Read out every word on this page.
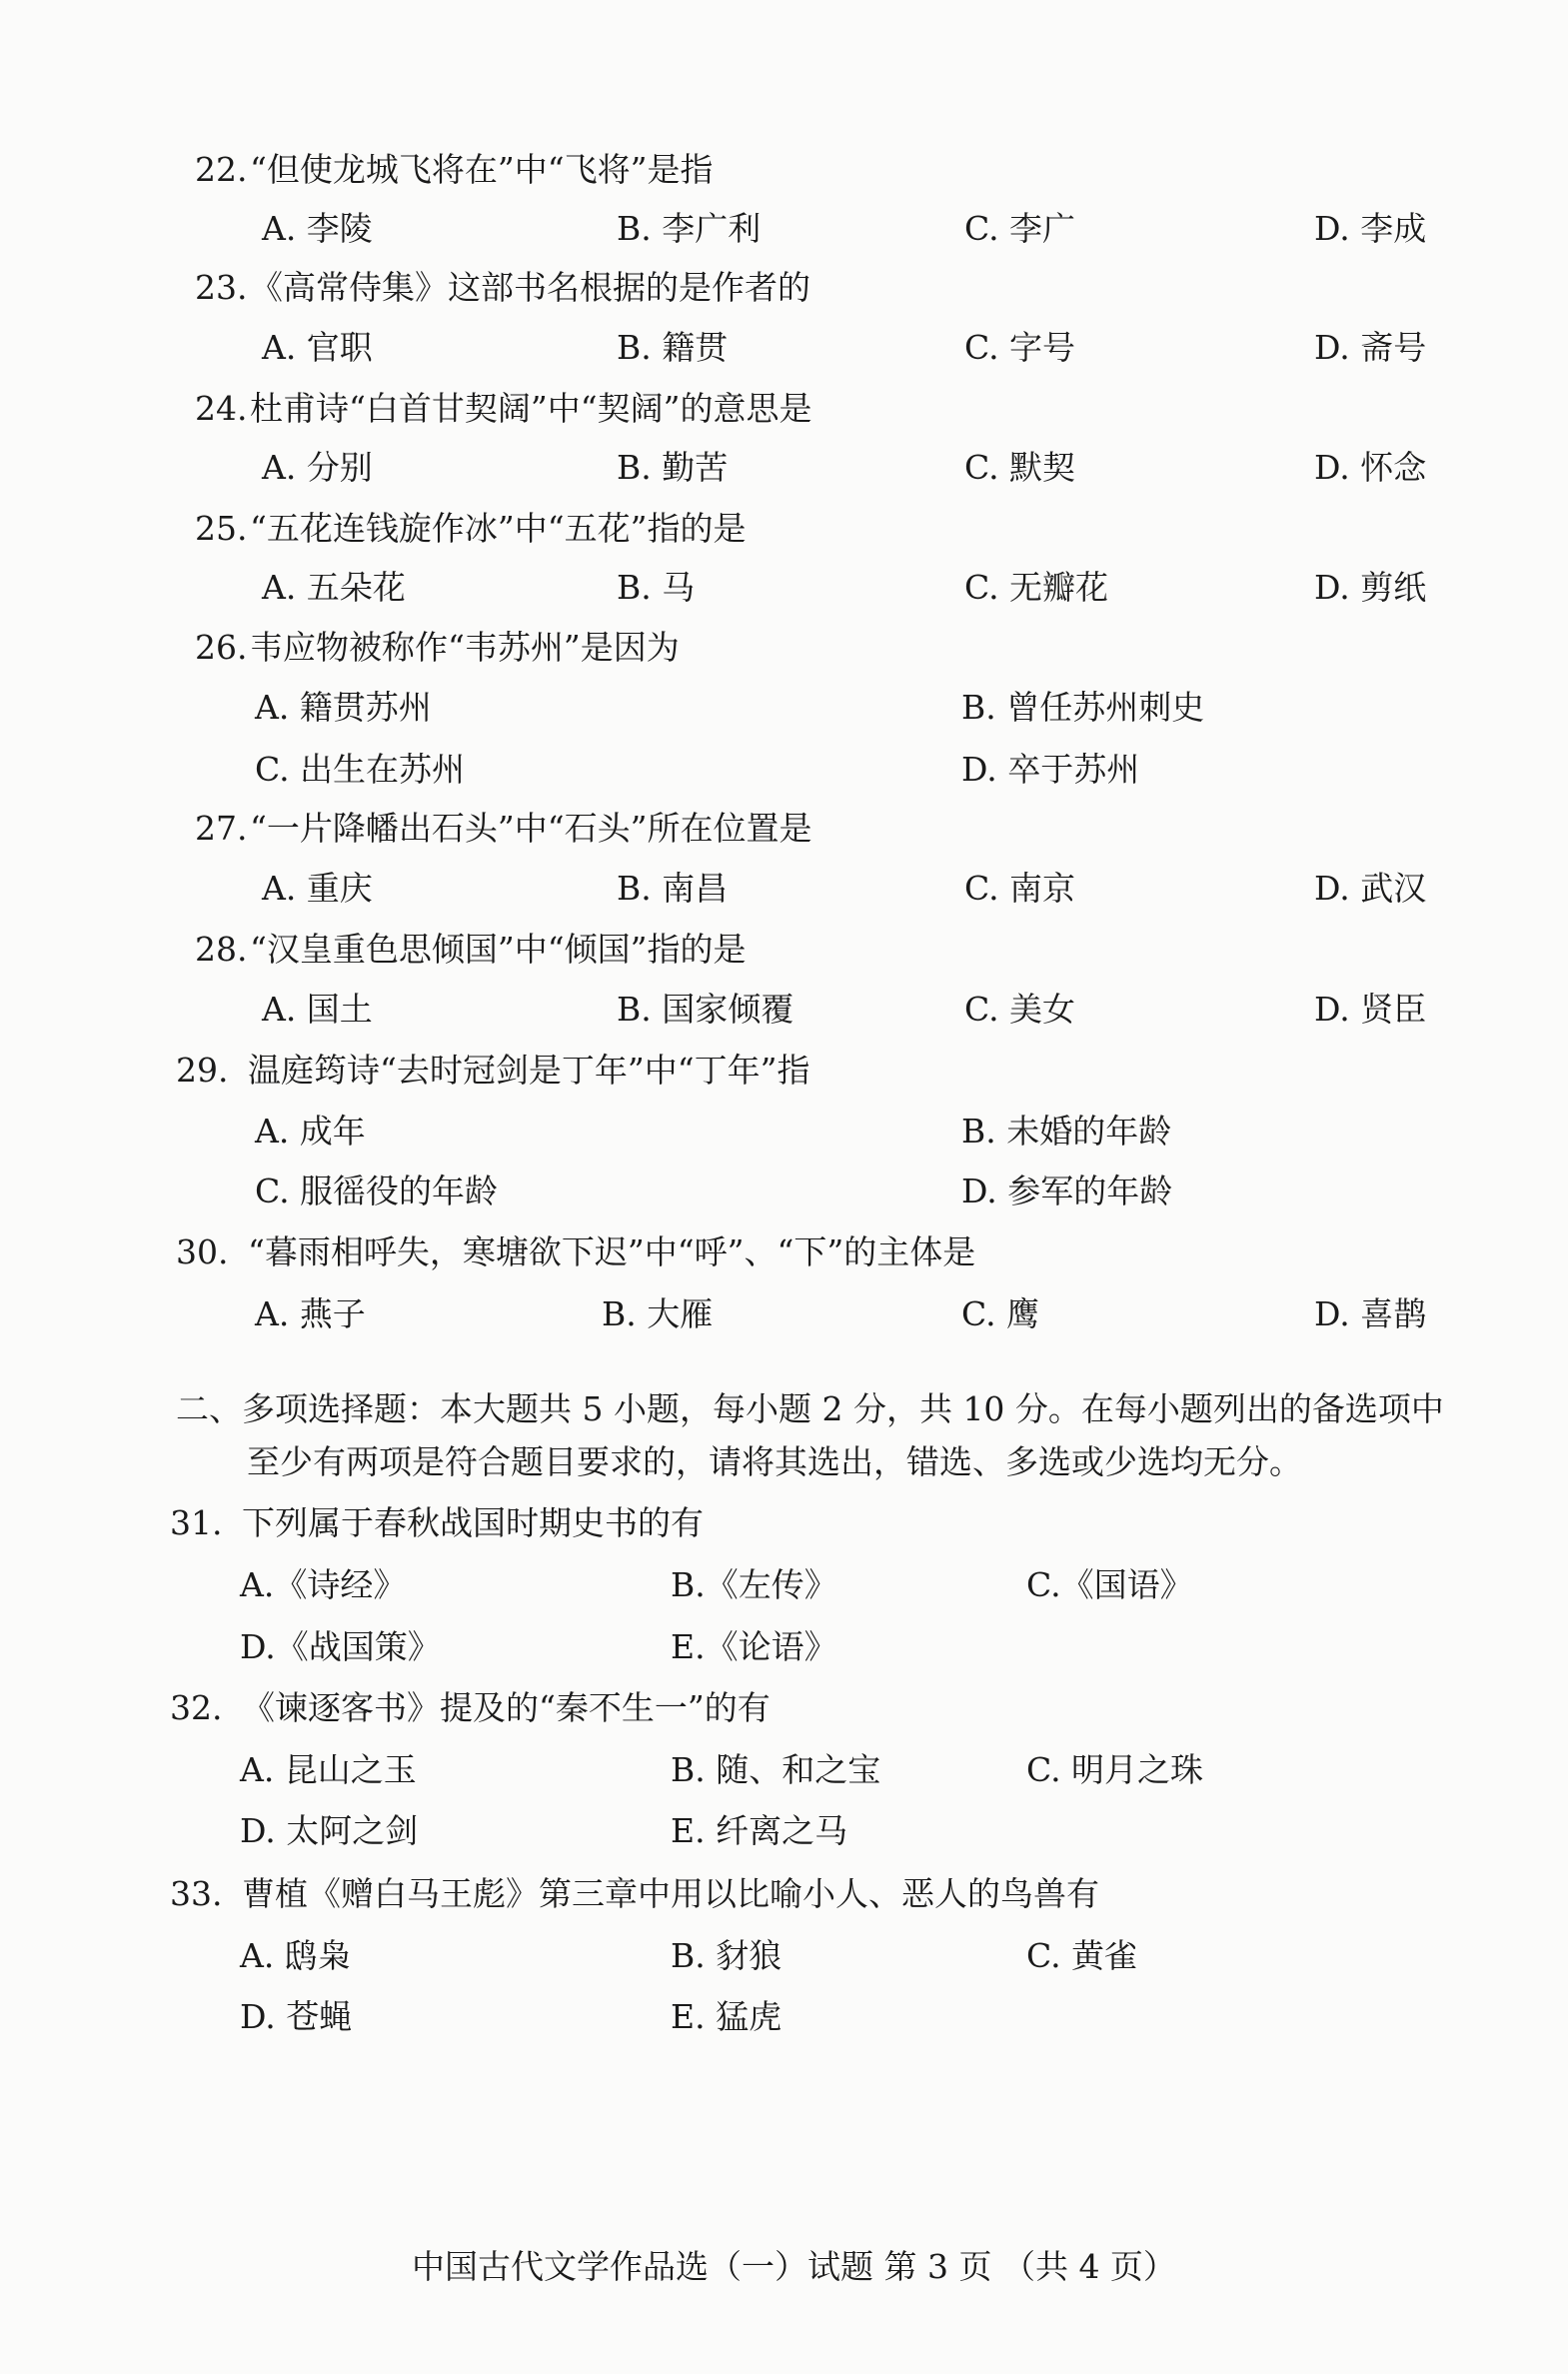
22. “但使龙城飞将在”中“飞将”是指
A. 李陵	B. 李广利	C. 李广	D. 李成
23. 《高常侍集》这部书名根据的是作者的
A. 官职	B. 籍贯	C. 字号	D. 斋号
24. 杜甫诗“白首甘契阔”中“契阔”的意思是
A. 分别	B. 勤苦	C. 默契	D. 怀念
25. “五花连钱旋作冰”中“五花”指的是
A. 五朵花	B. 马	C. 无瓣花	D. 剪纸
26. 韦应物被称作“韦苏州”是因为
A. 籍贯苏州	B. 曾任苏州刺史
C. 出生在苏州	D. 卒于苏州
27. “一片降幡出石头”中“石头”所在位置是
A. 重庆	B. 南昌	C. 南京	D. 武汉
28. “汉皇重色思倾国”中“倾国”指的是
A. 国土	B. 国家倾覆	C. 美女	D. 贤臣
29. 温庭筠诗“去时冠剑是丁年”中“丁年”指
A. 成年	B. 未婚的年龄
C. 服徭役的年龄	D. 参军的年龄
30. “暮雨相呼失，寒塘欲下迟”中“呼”、“下”的主体是
A. 燕子	B. 大雁	C. 鹰	D. 喜鹊
二、多项选择题：本大题共 5 小题，每小题 2 分，共 10 分。在每小题列出的备选项中
至少有两项是符合题目要求的，请将其选出，错选、多选或少选均无分。
31. 下列属于春秋战国时期史书的有
A.《诗经》	B.《左传》	C.《国语》
D.《战国策》	E.《论语》
32. 《谏逐客书》提及的“秦不生一”的有
A. 昆山之玉	B. 随、和之宝	C. 明月之珠
D. 太阿之剑	E. 纤离之马
33. 曹植《赠白马王彪》第三章中用以比喻小人、恶人的鸟兽有
A. 鸱枭	B. 豺狼	C. 黄雀
D. 苍蝇	E. 猛虎
中国古代文学作品选（一）试题 第 3 页 （共 4 页）
